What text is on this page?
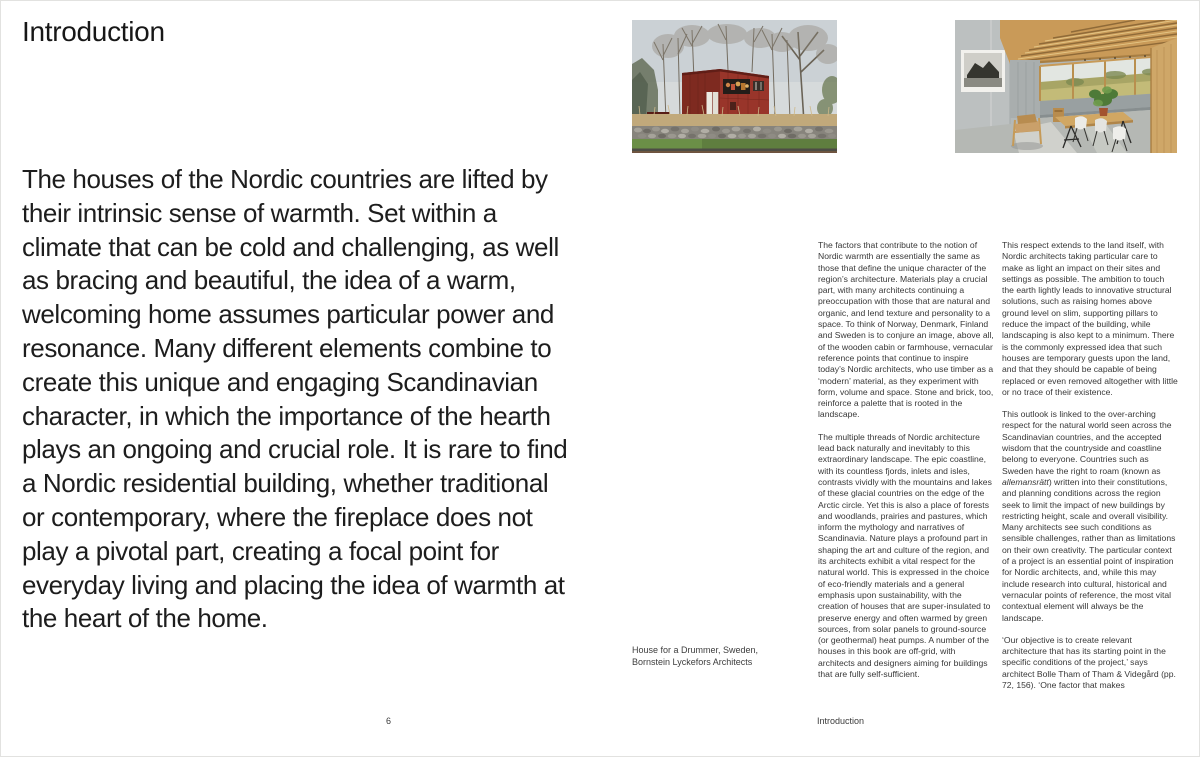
Introduction
The houses of the Nordic countries are lifted by their intrinsic sense of warmth. Set within a climate that can be cold and challenging, as well as bracing and beautiful, the idea of a warm, welcoming home assumes particular power and resonance. Many different elements combine to create this unique and engaging Scandinavian character, in which the importance of the hearth plays an ongoing and crucial role. It is rare to find a Nordic residential building, whether traditional or contemporary, where the fireplace does not play a pivotal part, creating a focal point for everyday living and placing the idea of warmth at the heart of the home.
6
House for a Drummer, Sweden,
Bornstein Lyckefors Architects

The factors that contribute to the notion of Nordic warmth are essentially the same as those that define the unique character of the region’s architecture. Materials play a crucial part, with many architects continuing a preoccupation with those that are natural and organic, and lend texture and personality to a space. To think of Norway, Denmark, Finland and Sweden is to conjure an image, above all, of the wooden cabin or farmhouse, vernacular reference points that continue to inspire today’s Nordic architects, who use timber as a ‘modern’ material, as they experiment with form, volume and space. Stone and brick, too, reinforce a palette that is rooted in the landscape.

The multiple threads of Nordic architecture lead back naturally and inevitably to this extraordinary landscape. The epic coastline, with its countless fjords, inlets and isles, contrasts vividly with the mountains and lakes of these glacial countries on the edge of the Arctic circle. Yet this is also a place of forests and woodlands, prairies and pastures, which inform the mythology and narratives of Scandinavia. Nature plays a profound part in shaping the art and culture of the region, and its architects exhibit a vital respect for the natural world. This is expressed in the choice of eco-friendly materials and a general emphasis upon sustainability, with the creation of houses that are super-insulated to preserve energy and often warmed by green sources, from solar panels to ground-source (or geothermal) heat pumps. A number of the houses in this book are off-grid, with architects and designers aiming for buildings that are fully self-sufficient.

This respect extends to the land itself, with Nordic architects taking particular care to make as light an impact on their sites and settings as possible. The ambition to touch the earth lightly leads to innovative structural solutions, such as raising homes above ground level on slim, supporting pillars to reduce the impact of the building, while landscaping is also kept to a minimum. There is the commonly expressed idea that such houses are temporary guests upon the land, and that they should be capable of being replaced or even removed altogether with little or no trace of their existence.

This outlook is linked to the over-arching respect for the natural world seen across the Scandinavian countries, and the accepted wisdom that the countryside and coastline belong to everyone. Countries such as Sweden have the right to roam (known as allemansrätt) written into their constitutions, and planning conditions across the region seek to limit the impact of new buildings by restricting height, scale and overall visibility. Many architects see such conditions as sensible challenges, rather than as limitations on their own creativity. The particular context of a project is an essential point of inspiration for Nordic architects, and, while this may include research into cultural, historical and vernacular points of reference, the most vital contextual element will always be the landscape.

‘Our objective is to create relevant architecture that has its starting point in the specific conditions of the project,’ says architect Bolle Tham of Tham & Videgård (pp. 72, 156). ‘One factor that makes

Introduction
